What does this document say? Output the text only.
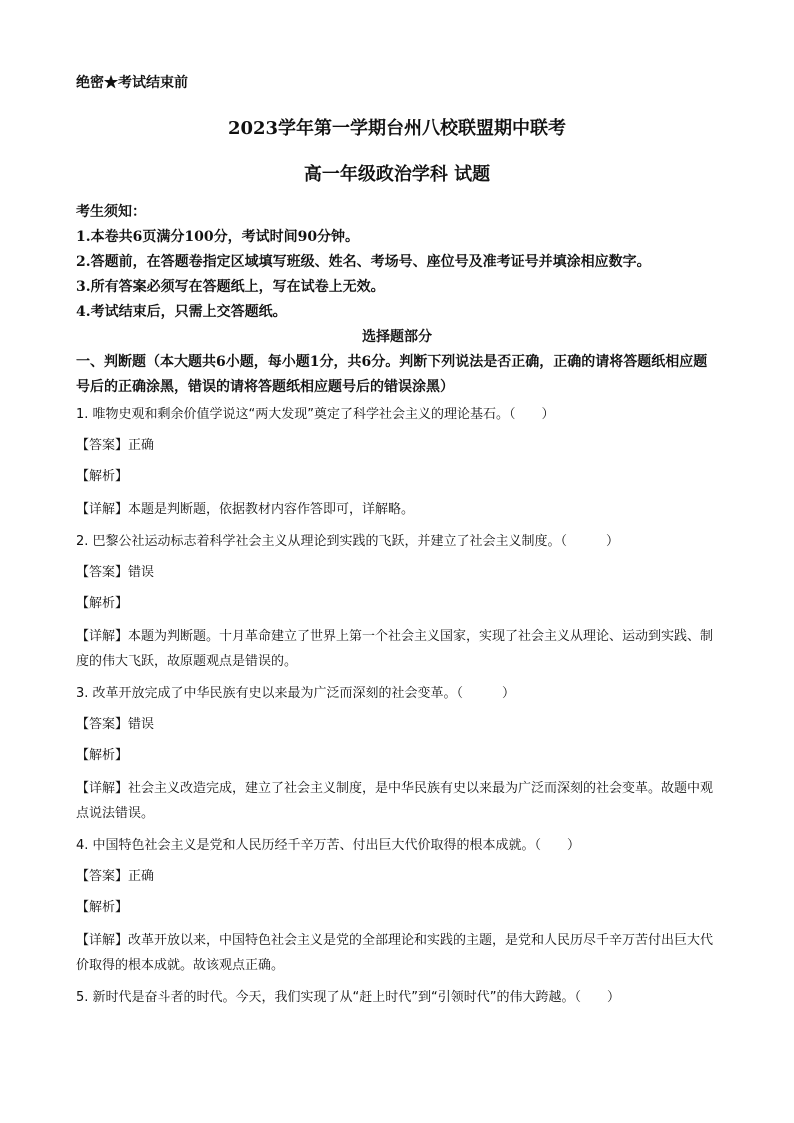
绝密★考试结束前
2023学年第一学期台州八校联盟期中联考
高一年级政治学科 试题
考生须知：
1.本卷共6页满分100分，考试时间90分钟。
2.答题前，在答题卷指定区域填写班级、姓名、考场号、座位号及准考证号并填涂相应数字。
3.所有答案必须写在答题纸上，写在试卷上无效。
4.考试结束后，只需上交答题纸。
选择题部分
一、判断题（本大题共6小题，每小题1分，共6分。判断下列说法是否正确，正确的请将答题纸相应题号后的正确涂黑，错误的请将答题纸相应题号后的错误涂黑）
1. 唯物史观和剩余价值学说这“两大发现”奠定了科学社会主义的理论基石。（　　）
【答案】正确
【解析】
【详解】本题是判断题，依据教材内容作答即可，详解略。
2. 巴黎公社运动标志着科学社会主义从理论到实践的飞跃，并建立了社会主义制度。（　　　）
【答案】错误
【解析】
【详解】本题为判断题。十月革命建立了世界上第一个社会主义国家，实现了社会主义从理论、运动到实践、制度的伟大飞跃，故原题观点是错误的。
3. 改革开放完成了中华民族有史以来最为广泛而深刻的社会变革。（　　　）
【答案】错误
【解析】
【详解】社会主义改造完成，建立了社会主义制度，是中华民族有史以来最为广泛而深刻的社会变革。故题中观点说法错误。
4. 中国特色社会主义是党和人民历经千辛万苦、付出巨大代价取得的根本成就。（　　）
【答案】正确
【解析】
【详解】改革开放以来，中国特色社会主义是党的全部理论和实践的主题，是党和人民历尽千辛万苦付出巨大代价取得的根本成就。故该观点正确。
5. 新时代是奋斗者的时代。今天，我们实现了从“赶上时代”到“引领时代”的伟大跨越。（　　）
